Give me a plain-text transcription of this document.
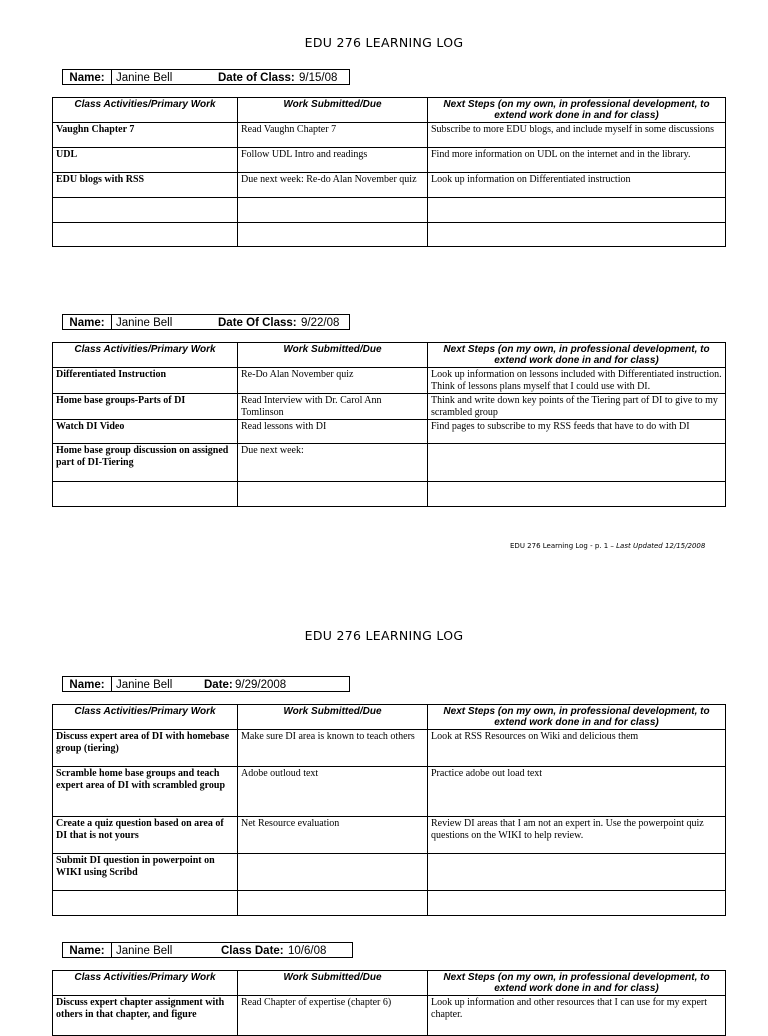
EDU 276 LEARNING LOG
Name: Janine Bell	Date of Class: 9/15/08
Class Activities/Primary Work	Work Submitted/Due	Next Steps (on my own, in professional development, to extend work done in and for class)
Vaughn Chapter 7	Read Vaughn Chapter 7	Subscribe to more EDU blogs, and include myself in some discussions
UDL	Follow UDL Intro and readings	Find more information on UDL on the internet and in the library.
EDU blogs with RSS	Due next week: Re-do Alan November quiz	Look up information on Differentiated instruction

Name: Janine Bell	Date Of Class: 9/22/08
Class Activities/Primary Work	Work Submitted/Due	Next Steps (on my own, in professional development, to extend work done in and for class)
Differentiated Instruction	Re-Do Alan November quiz	Look up information on lessons included with Differentiated instruction. Think of lessons plans myself that I could use with DI.
Home base groups-Parts of DI	Read Interview with Dr. Carol Ann Tomlinson	Think and write down key points of the Tiering part of DI to give to my scrambled group
Watch DI Video	Read lessons with DI	Find pages to subscribe to my RSS feeds that have to do with DI
Home base group discussion on assigned part of DI-Tiering	Due next week:	

EDU 276 Learning Log - p. 1 – Last Updated 12/15/2008
EDU 276 LEARNING LOG
Name: Janine Bell	Date: 9/29/2008
Class Activities/Primary Work	Work Submitted/Due	Next Steps (on my own, in professional development, to extend work done in and for class)
Discuss expert area of DI with homebase group (tiering)	Make sure DI area is known to teach others	Look at RSS Resources on Wiki and delicious them
Scramble home base groups and teach expert area of DI with scrambled group	Adobe outloud text	Practice adobe out load text
Create a quiz question based on area of DI that is not yours	Net Resource evaluation	Review DI areas that I am not an expert in. Use the powerpoint quiz questions on the WIKI to help review.
Submit DI question in powerpoint on WIKI using Scribd		

Name: Janine Bell	Class Date: 10/6/08
Class Activities/Primary Work	Work Submitted/Due	Next Steps (on my own, in professional development, to extend work done in and for class)
Discuss expert chapter assignment with others in that chapter, and figure	Read Chapter of expertise (chapter 6)	Look up information and other resources that I can use for my expert chapter.
